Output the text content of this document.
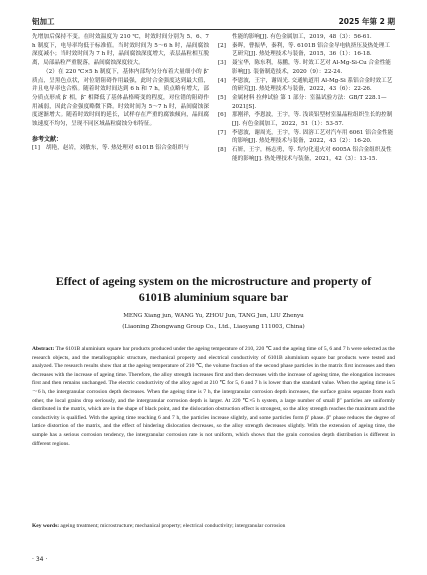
铝加工	2025 年第 2 期

先增加后保持不变。在时效温度为 210 ℃，时效时间分别为 5、6、7 h 制度下，电导率均低于标准值。当时效时间为 5～6 h 时，晶间腐蚀深度减小；当时效时间为 7 h 时，晶间腐蚀深度增大，表层晶粒相互脱离，局部晶粒严重脱落，晶间腐蚀深度较大。

（2）在 220 ℃×5 h 制度下，基体内部均匀分布着大量细小的 β″ 质点，呈黑色点状，对位错阻碍作用最强，此时合金强度达到最大值，并且电导率也合格。随着时效时间达到 6 h 和 7 h，质点略有增大，部分质点形成 β′ 相，β″ 相降低了基体晶格畸变的程度，对位错的阻碍作用减弱，因此合金强度略微下降。时效时间为 5～7 h 时，晶间腐蚀深度逐渐增大。随着时效时间的延长，试样存在严重的腐蚀倾向，晶间腐蚀速度不均匀，呈现不同区域晶粒腐蚀分布特征。

参考文献：
[1]	胡艳，赵岩，刘敏东，等. 热处理对 6101B 铝合金组织与
性能的影响[J]. 有色金属加工，2019，48（3）：56-61.
[2]	秦晖，曹振华，秦利，等. 6101B 铝合金导电轨挤压及热处理工艺研究[J]. 热处理技术与装备，2015，36（1）：16-18.
[3]	聂宝华，陈东利，易鹏，等. 时效工艺对 Al-Mg-Si-Cu 合金性能影响[J]. 装备制造技术，2020（9）：22-24.
[4]	李恩波，王宇，谢周光. 交通轨道用 Al-Mg-Si 系铝合金时效工艺的研究[J]. 热处理技术与装备，2022，43（6）：22-26.
[5]	金属材料 拉伸试验 第 1 部分：室温试验方法：GB/T 228.1—2021[S].
[6]	那刚祥，李恩波，王宇，等. 浅谈铝型材室温晶粒组织生长的控制[J]. 有色金属加工，2022，51（1）：53-57.
[7]	李恩波，谢周光，王宇，等. 固溶工艺对汽车用 6061 铝合金性能的影响[J]. 热处理技术与装备，2022，43（2）：16-20.
[8]	石妍，王宇，杨志勇，等. 均匀化退火对 6005A 铝合金组织及性能的影响[J]. 热处理技术与装备，2021，42（3）：13-15.
Effect of ageing system on the microstructure and property of
6101B aluminium square bar
MENG Xiang jun, WANG Yu, ZHOU Jun, TANG Jun, LIU Zhenyu
(Liaoning Zhongwang Group Co., Ltd., Liaoyang 111003, China)
Abstract: The 6101B aluminium square bar products produced under the ageing temperature of 210, 220 ℃ and the ageing time of 5, 6 and 7 h were selected as the research objects, and the metallographic structure, mechanical property and electrical conductivity of 6101B aluminium square bar products were tested and analyzed. The research results show that at the ageing temperature of 210 ℃, the volume fraction of the second phase particles in the matrix first increases and then decreases with the increase of ageing time. Therefore, the alloy strength increases first and then decreases with the increase of ageing time, the elongation increases first and then remains unchanged. The electric conductivity of the alloy aged at 210 ℃ for 5, 6 and 7 h is lower than the standard value. When the ageing time is 5～6 h, the intergranular corrosion depth decreases. When the ageing time is 7 h, the intergranular corrosion depth increases, the surface grains separate from each other, the local grains drop seriously, and the intergranular corrosion depth is larger. At 220 ℃×5 h system, a large number of small β″ particles are uniformly distributed in the matrix, which are in the shape of black point, and the dislocation obstruction effect is strongest, so the alloy strength reaches the maximum and the conductivity is qualified. With the ageing time reaching 6 and 7 h, the particles increase slightly, and some particles form β′ phase. β″ phase reduces the degree of lattice distortion of the matrix, and the effect of hindering dislocation decreases, so the alloy strength decreases slightly. With the extension of ageing time, the sample has a serious corrosion tendency, the intergranular corrosion rate is not uniform, which shows that the grain corrosion depth distribution is different in different regions.
Key words: ageing treatment; microstructure; mechanical property; electrical conductivity; intergranular corrosion
· 34 ·
